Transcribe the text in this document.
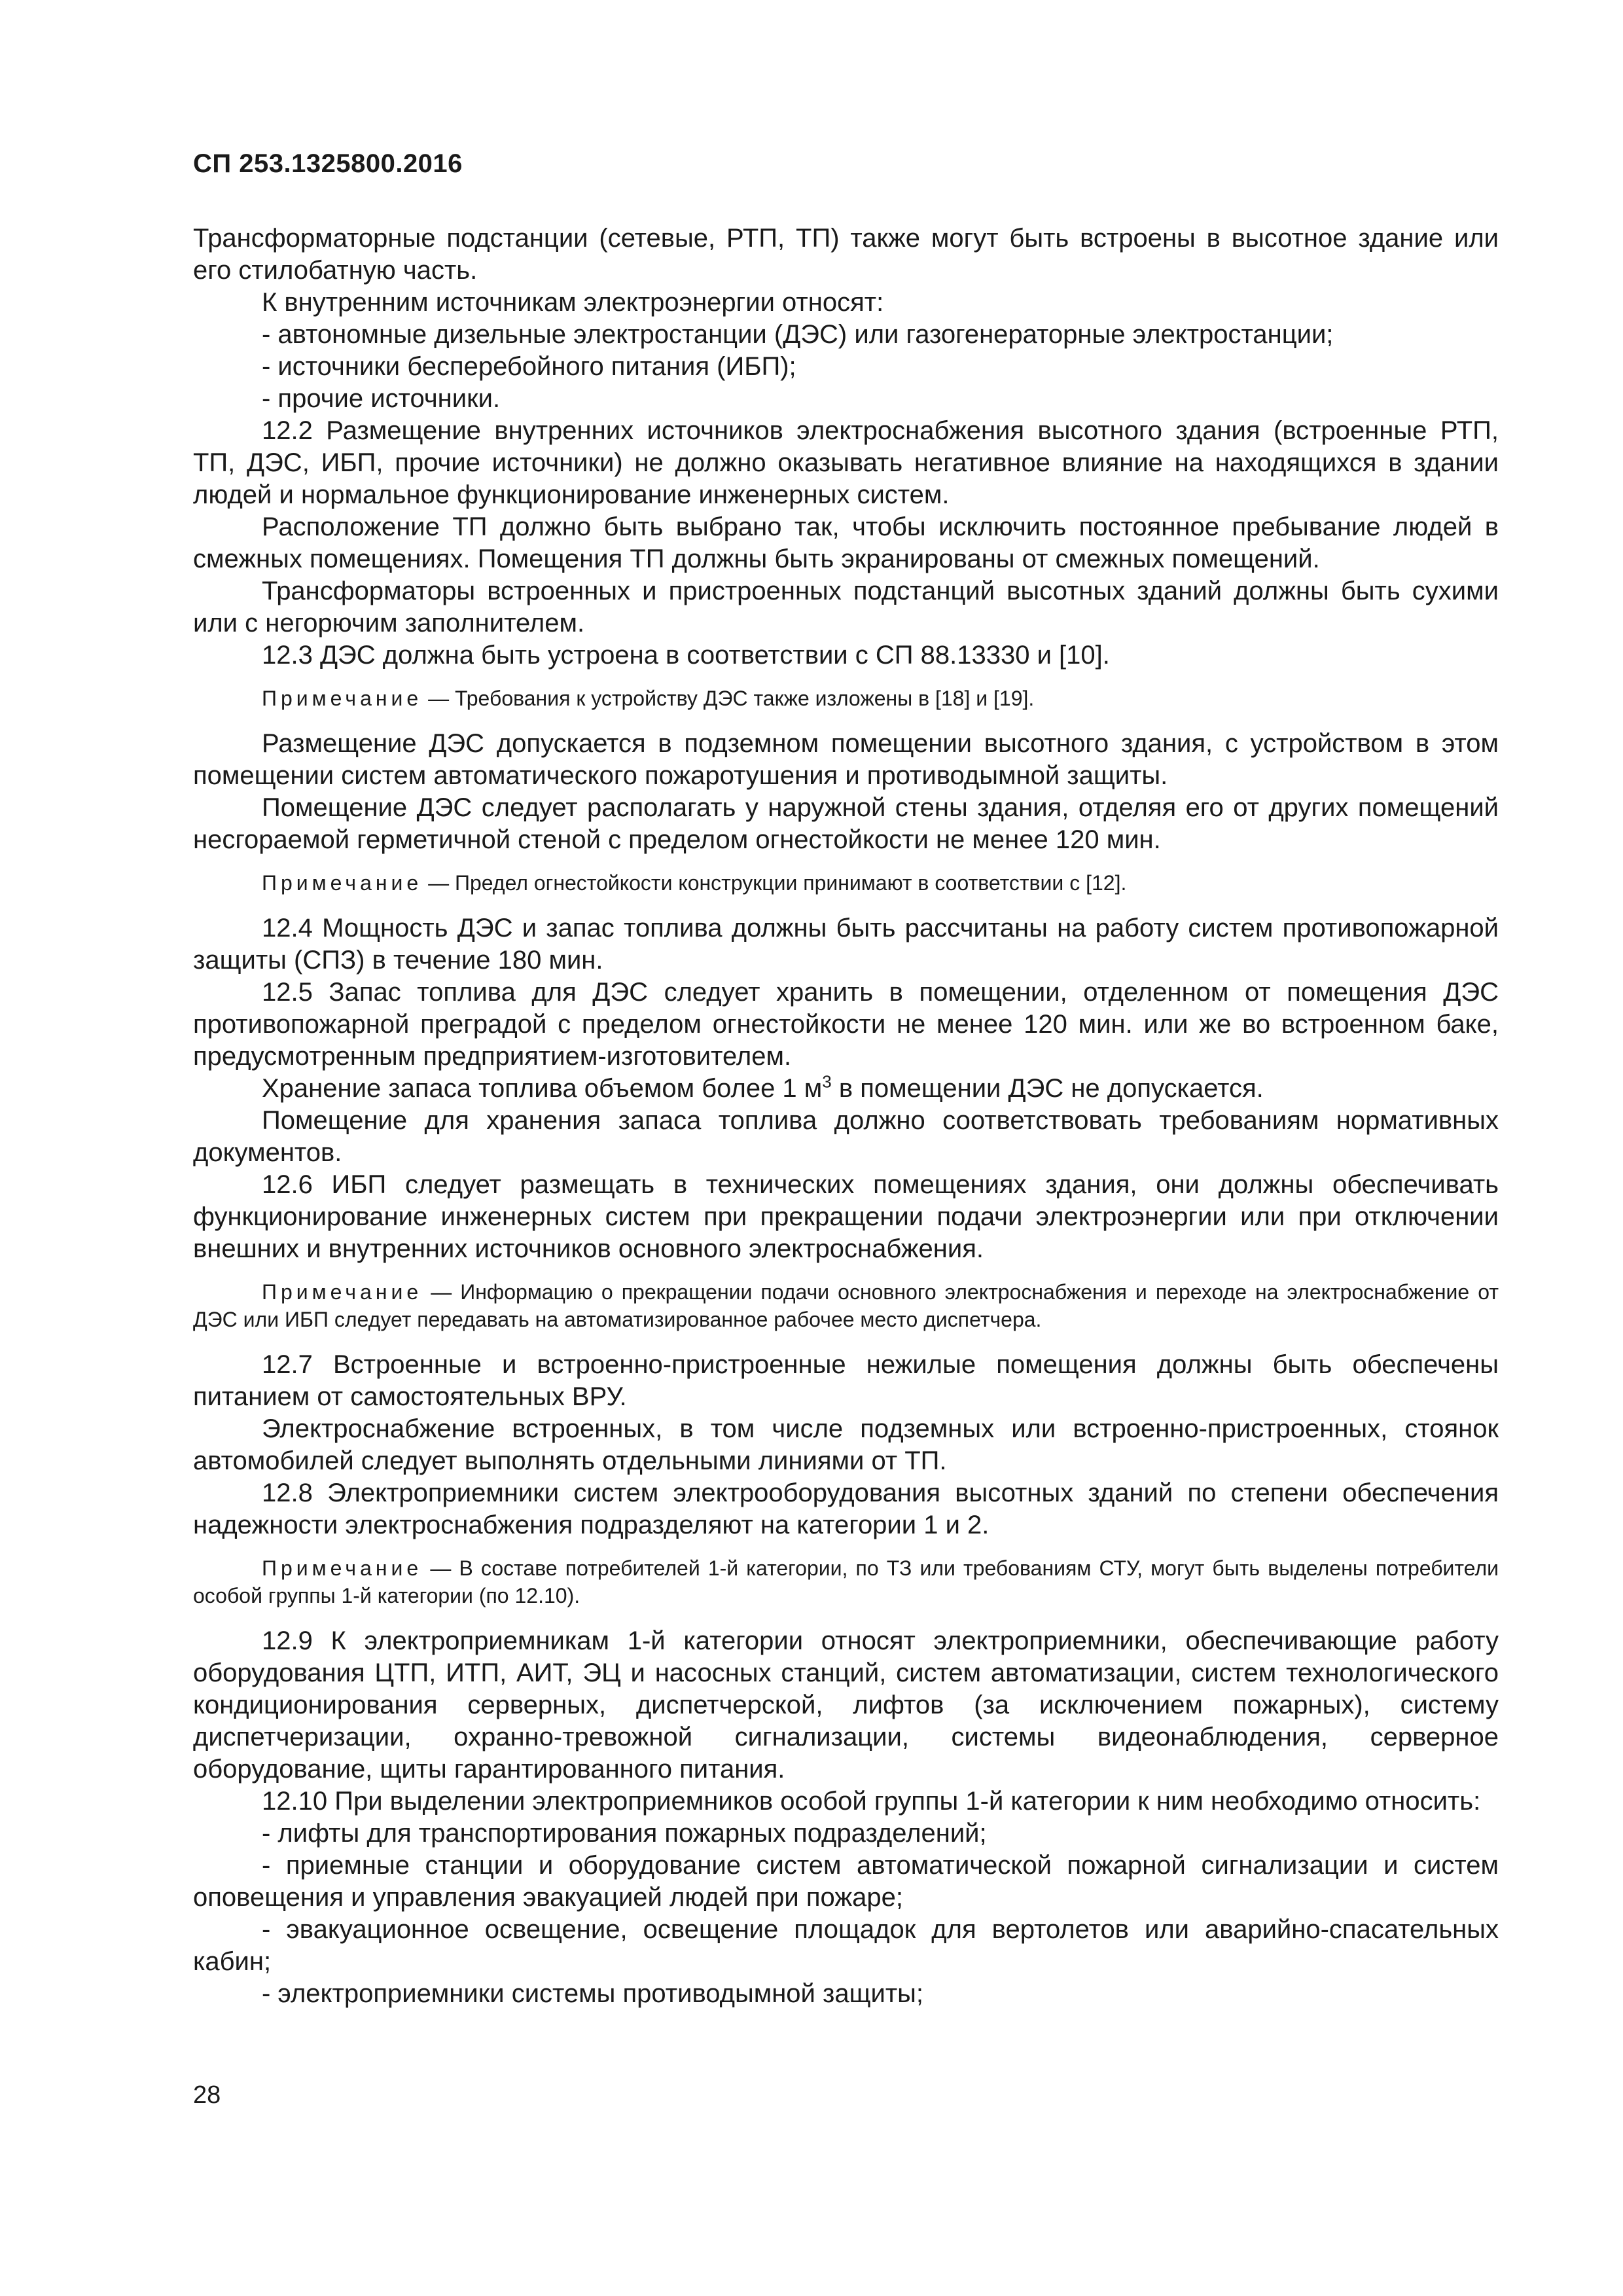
СП 253.1325800.2016

Трансформаторные подстанции (сетевые, РТП, ТП) также могут быть встроены в высотное здание или его стилобатную часть.

К внутренним источникам электроэнергии относят:

- автономные дизельные электростанции (ДЭС) или газогенераторные электростанции;

- источники бесперебойного питания (ИБП);

- прочие источники.

12.2 Размещение внутренних источников электроснабжения высотного здания (встроенные РТП, ТП, ДЭС, ИБП, прочие источники) не должно оказывать негативное влияние на находящихся в здании людей и нормальное функционирование инженерных систем.

Расположение ТП должно быть выбрано так, чтобы исключить постоянное пребывание людей в смежных помещениях. Помещения ТП должны быть экранированы от смежных помещений.

Трансформаторы встроенных и пристроенных подстанций высотных зданий должны быть сухими или с негорючим заполнителем.

12.3 ДЭС должна быть устроена в соответствии с СП 88.13330 и [10].

Примечание — Требования к устройству ДЭС также изложены в [18] и [19].

Размещение ДЭС допускается в подземном помещении высотного здания, с устройством в этом помещении систем автоматического пожаротушения и противодымной защиты.

Помещение ДЭС следует располагать у наружной стены здания, отделяя его от других помещений несгораемой герметичной стеной с пределом огнестойкости не менее 120 мин.

Примечание — Предел огнестойкости конструкции принимают в соответствии с [12].

12.4 Мощность ДЭС и запас топлива должны быть рассчитаны на работу систем противопожарной защиты (СПЗ) в течение 180 мин.

12.5 Запас топлива для ДЭС следует хранить в помещении, отделенном от помещения ДЭС противопожарной преградой с пределом огнестойкости не менее 120 мин. или же во встроенном баке, предусмотренным предприятием-изготовителем.

Хранение запаса топлива объемом более 1 $м^3$ в помещении ДЭС не допускается.

Помещение для хранения запаса топлива должно соответствовать требованиям нормативных документов.

12.6 ИБП следует размещать в технических помещениях здания, они должны обеспечивать функционирование инженерных систем при прекращении подачи электроэнергии или при отключении внешних и внутренних источников основного электроснабжения.

Примечание — Информацию о прекращении подачи основного электроснабжения и переходе на электроснабжение от ДЭС или ИБП следует передавать на автоматизированное рабочее место диспетчера.

12.7 Встроенные и встроенно-пристроенные нежилые помещения должны быть обеспечены питанием от самостоятельных ВРУ.

Электроснабжение встроенных, в том числе подземных или встроенно-пристроенных, стоянок автомобилей следует выполнять отдельными линиями от ТП.

12.8 Электроприемники систем электрооборудования высотных зданий по степени обеспечения надежности электроснабжения подразделяют на категории 1 и 2.

Примечание — В составе потребителей 1-й категории, по ТЗ или требованиям СТУ, могут быть выделены потребители особой группы 1-й категории (по 12.10).

12.9 К электроприемникам 1-й категории относят электроприемники, обеспечивающие работу оборудования ЦТП, ИТП, АИТ, ЭЦ и насосных станций, систем автоматизации, систем технологического кондиционирования серверных, диспетчерской, лифтов (за исключением пожарных), систему диспетчеризации, охранно-тревожной сигнализации, системы видеонаблюдения, серверное оборудование, щиты гарантированного питания.

12.10 При выделении электроприемников особой группы 1-й категории к ним необходимо относить:

- лифты для транспортирования пожарных подразделений;

- приемные станции и оборудование систем автоматической пожарной сигнализации и систем оповещения и управления эвакуацией людей при пожаре;

- эвакуационное освещение, освещение площадок для вертолетов или аварийно-спасательных кабин;

- электроприемники системы противодымной защиты;

28
